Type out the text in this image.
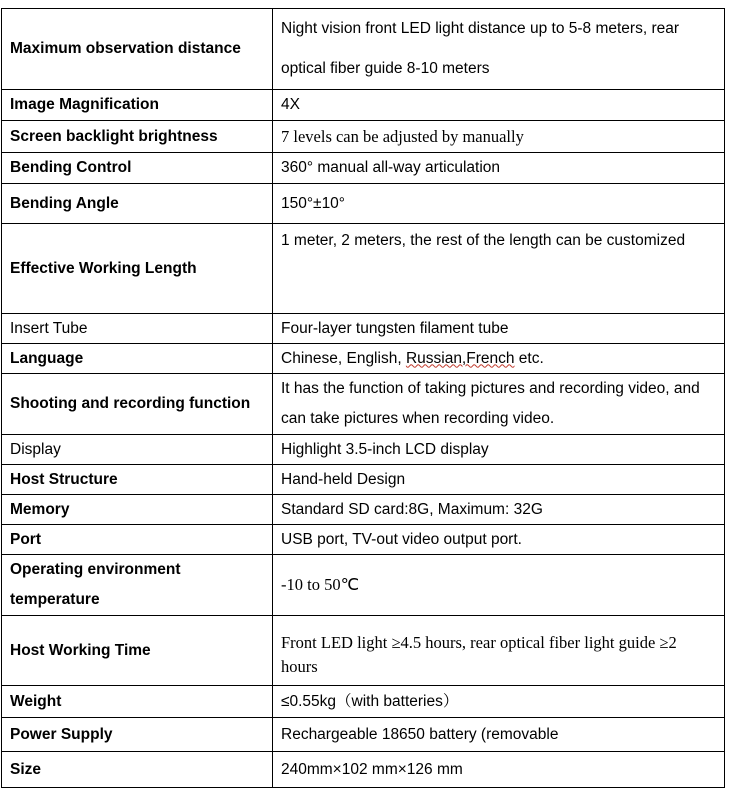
Maximum observation distance	Night vision front LED light distance up to 5-8 meters, rear optical fiber guide 8-10 meters
Image Magnification	4X
Screen backlight brightness	7 levels can be adjusted by manually
Bending Control	360° manual all-way articulation
Bending Angle	150°±10°
Effective Working Length	1 meter, 2 meters, the rest of the length can be customized
Insert Tube	Four-layer tungsten filament tube
Language	Chinese, English, Russian,French etc.
Shooting and recording function	It has the function of taking pictures and recording video, and can take pictures when recording video.
Display	Highlight 3.5-inch LCD display
Host Structure	Hand-held Design
Memory	Standard SD card:8G, Maximum: 32G
Port	USB port, TV-out video output port.
Operating environment temperature	-10 to 50℃
Host Working Time	Front LED light ≥4.5 hours, rear optical fiber light guide ≥2 hours
Weight	≤0.55kg（with batteries）
Power Supply	Rechargeable 18650 battery (removable
Size	240mm×102 mm×126 mm
